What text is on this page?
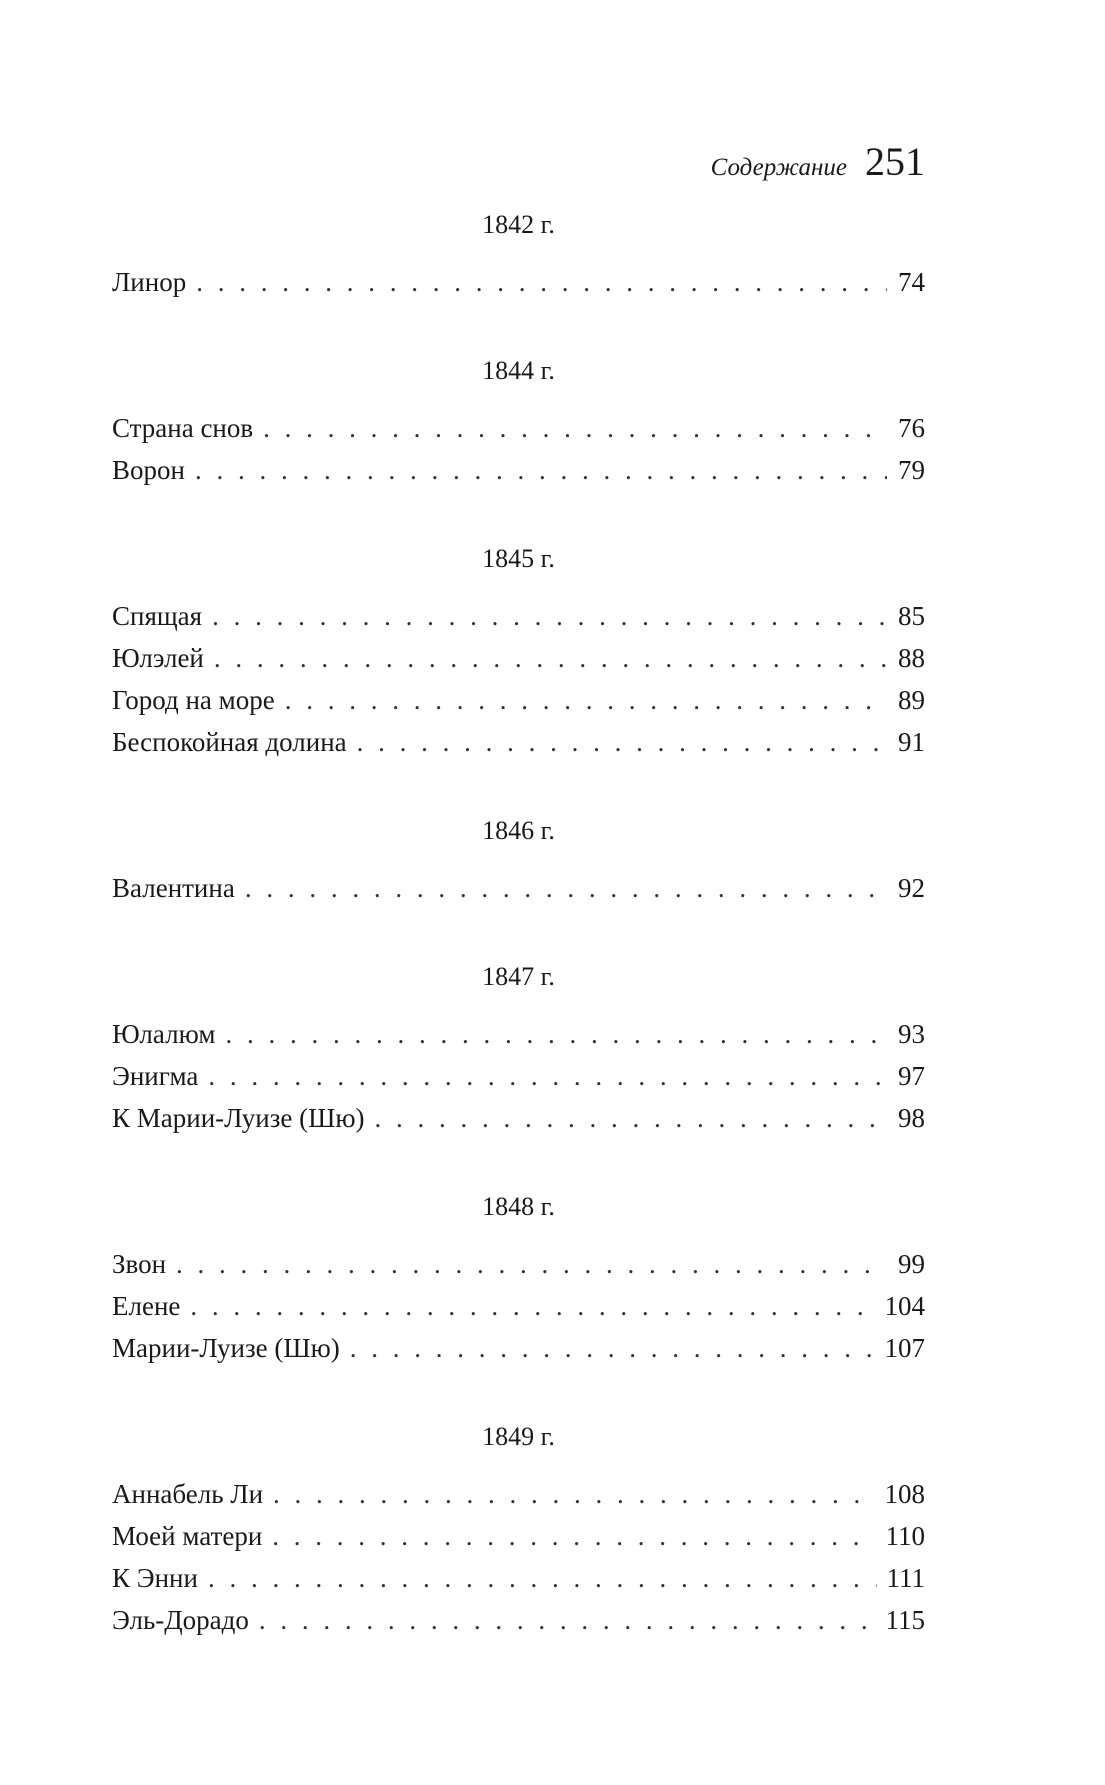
Содержание 251
1842 г.
Линор . . .	74
1844 г.
Страна снов . . .	76
Ворон . . .	79
1845 г.
Спящая . . .	85
Юлэлей . . .	88
Город на море . . .	89
Беспокойная долина . . .	91
1846 г.
Валентина . . .	92
1847 г.
Юлалюм . . .	93
Энигма . . .	97
К Марии-Луизе (Шю) . . .	98
1848 г.
Звон . . .	99
Елене . . .	104
Марии-Луизе (Шю) . . .	107
1849 г.
Аннабель Ли . . .	108
Моей матери . . .	110
К Энни . . .	111
Эль-Дорадо . . .	115
